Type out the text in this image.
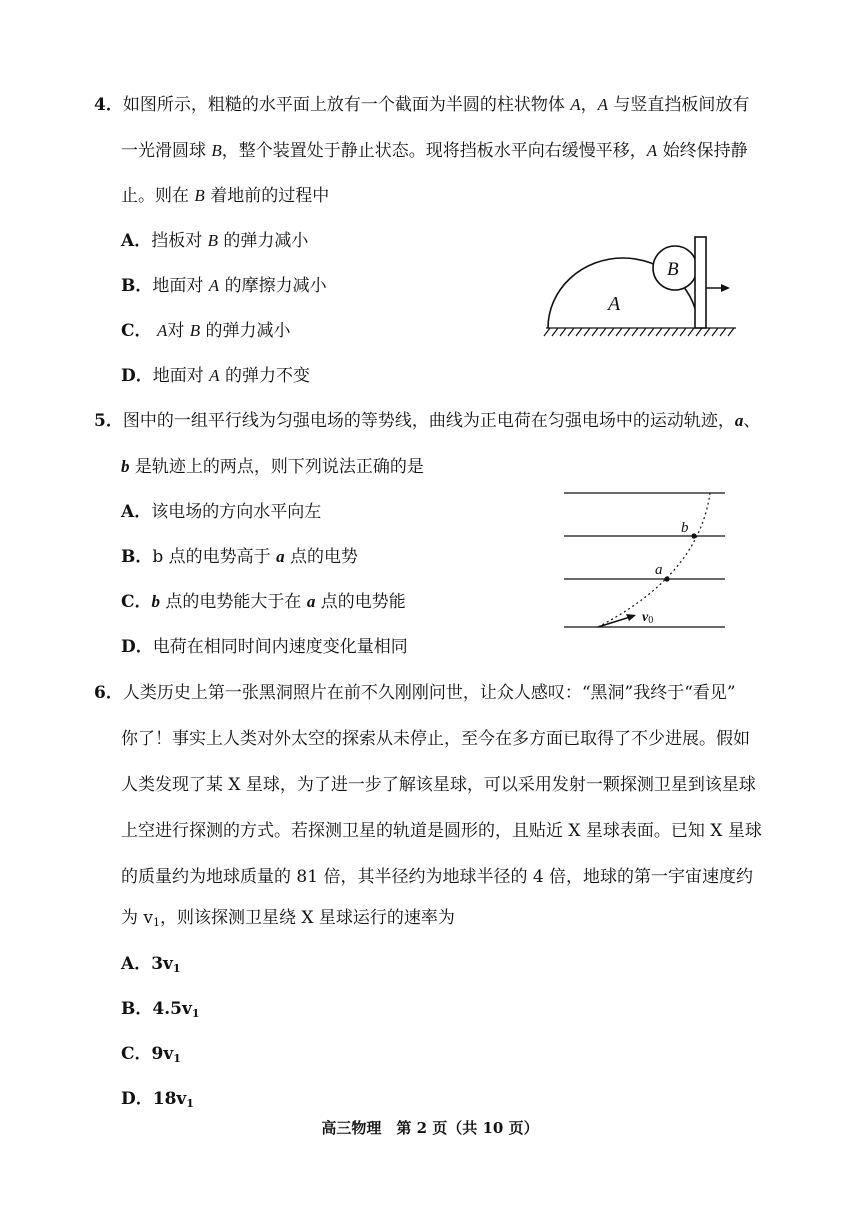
4．如图所示，粗糙的水平面上放有一个截面为半圆的柱状物体 A，A 与竖直挡板间放有
一光滑圆球 B，整个装置处于静止状态。现将挡板水平向右缓慢平移，A 始终保持静
止。则在 B 着地前的过程中
A．挡板对 B 的弹力减小
B．地面对 A 的摩擦力减小
C． A对 B 的弹力减小
D．地面对 A 的弹力不变
A
B
5．图中的一组平行线为匀强电场的等势线，曲线为正电荷在匀强电场中的运动轨迹，a、
b 是轨迹上的两点，则下列说法正确的是
A．该电场的方向水平向左
B．b 点的电势高于 a 点的电势
C．b 点的电势能大于在 a 点的电势能
D．电荷在相同时间内速度变化量相同
a
b
v0
6．人类历史上第一张黑洞照片在前不久刚刚问世，让众人感叹：“黑洞”我终于“看见”
你了！事实上人类对外太空的探索从未停止，至今在多方面已取得了不少进展。假如
人类发现了某 X 星球，为了进一步了解该星球，可以采用发射一颗探测卫星到该星球
上空进行探测的方式。若探测卫星的轨道是圆形的，且贴近 X 星球表面。已知 X 星球
的质量约为地球质量的 81 倍，其半径约为地球半径的 4 倍，地球的第一宇宙速度约
为 $v_1$，则该探测卫星绕 X 星球运行的速率为
A．$3v_1$
B．$4.5v_1$
C．$9v_1$
D．$18v_1$
高三物理　第 2 页（共 10 页）
